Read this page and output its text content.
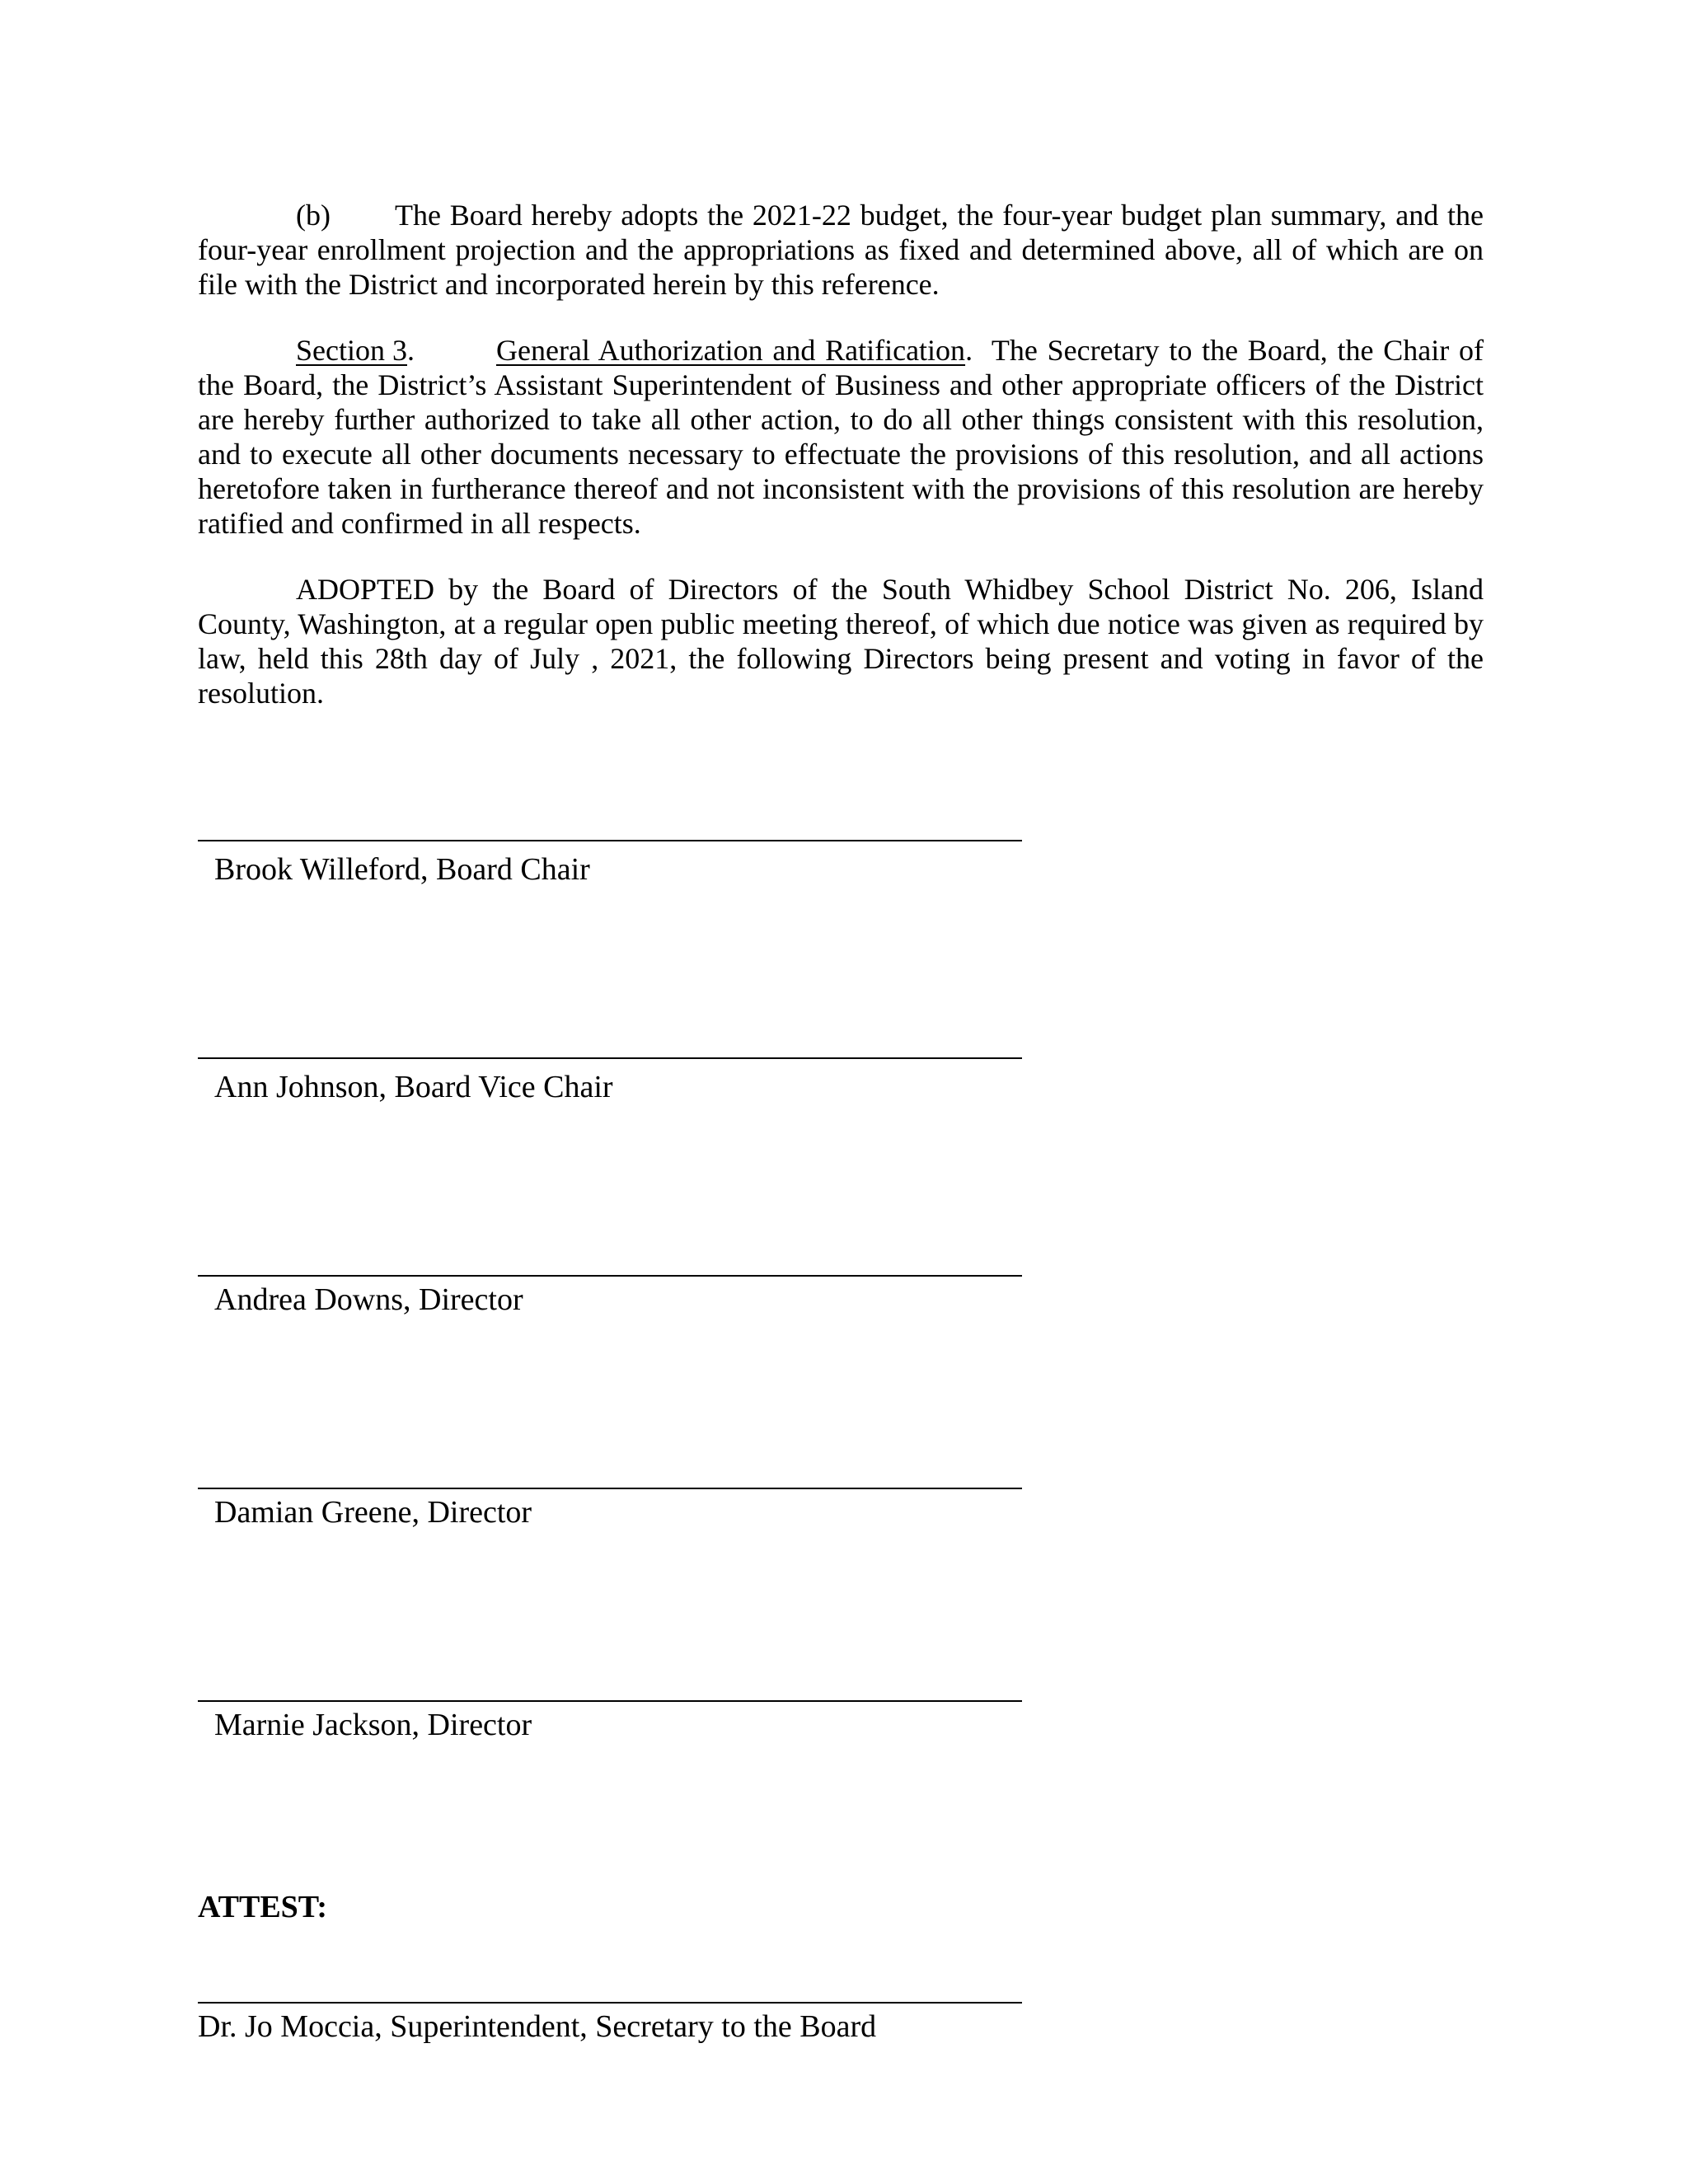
(b) The Board hereby adopts the 2021-22 budget, the four-year budget plan summary, and the four-year enrollment projection and the appropriations as fixed and determined above, all of which are on file with the District and incorporated herein by this reference.

Section 3.	General Authorization and Ratification. The Secretary to the Board, the Chair of the Board, the District’s Assistant Superintendent of Business and other appropriate officers of the District are hereby further authorized to take all other action, to do all other things consistent with this resolution, and to execute all other documents necessary to effectuate the provisions of this resolution, and all actions heretofore taken in furtherance thereof and not inconsistent with the provisions of this resolution are hereby ratified and confirmed in all respects.

ADOPTED by the Board of Directors of the South Whidbey School District No. 206, Island County, Washington, at a regular open public meeting thereof, of which due notice was given as required by law, held this 28th day of July , 2021, the following Directors being present and voting in favor of the resolution.

Brook Willeford, Board Chair
Ann Johnson, Board Vice Chair
Andrea Downs, Director
Damian Greene, Director
Marnie Jackson, Director
ATTEST:
Dr. Jo Moccia, Superintendent, Secretary to the Board
